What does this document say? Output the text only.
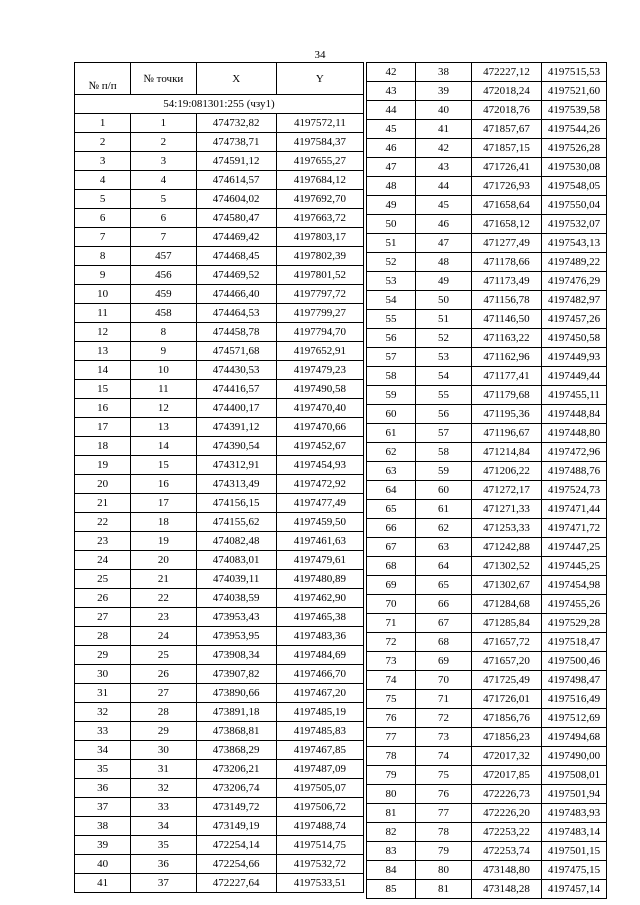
34
№ п/п	№ точки	X	Y
54:19:081301:255 (чзу1)			
1	1	474732,82	4197572,11
2	2	474738,71	4197584,37
3	3	474591,12	4197655,27
4	4	474614,57	4197684,12
5	5	474604,02	4197692,70
6	6	474580,47	4197663,72
7	7	474469,42	4197803,17
8	457	474468,45	4197802,39
9	456	474469,52	4197801,52
10	459	474466,40	4197797,72
11	458	474464,53	4197799,27
12	8	474458,78	4197794,70
13	9	474571,68	4197652,91
14	10	474430,53	4197479,23
15	11	474416,57	4197490,58
16	12	474400,17	4197470,40
17	13	474391,12	4197470,66
18	14	474390,54	4197452,67
19	15	474312,91	4197454,93
20	16	474313,49	4197472,92
21	17	474156,15	4197477,49
22	18	474155,62	4197459,50
23	19	474082,48	4197461,63
24	20	474083,01	4197479,61
25	21	474039,11	4197480,89
26	22	474038,59	4197462,90
27	23	473953,43	4197465,38
28	24	473953,95	4197483,36
29	25	473908,34	4197484,69
30	26	473907,82	4197466,70
31	27	473890,66	4197467,20
32	28	473891,18	4197485,19
33	29	473868,81	4197485,83
34	30	473868,29	4197467,85
35	31	473206,21	4197487,09
36	32	473206,74	4197505,07
37	33	473149,72	4197506,72
38	34	473149,19	4197488,74
39	35	472254,14	4197514,75
40	36	472254,66	4197532,72
41	37	472227,64	4197533,51
42	38	472227,12	4197515,53
43	39	472018,24	4197521,60
44	40	472018,76	4197539,58
45	41	471857,67	4197544,26
46	42	471857,15	4197526,28
47	43	471726,41	4197530,08
48	44	471726,93	4197548,05
49	45	471658,64	4197550,04
50	46	471658,12	4197532,07
51	47	471277,49	4197543,13
52	48	471178,66	4197489,22
53	49	471173,49	4197476,29
54	50	471156,78	4197482,97
55	51	471146,50	4197457,26
56	52	471163,22	4197450,58
57	53	471162,96	4197449,93
58	54	471177,41	4197449,44
59	55	471179,68	4197455,11
60	56	471195,36	4197448,84
61	57	471196,67	4197448,80
62	58	471214,84	4197472,96
63	59	471206,22	4197488,76
64	60	471272,17	4197524,73
65	61	471271,33	4197471,44
66	62	471253,33	4197471,72
67	63	471242,88	4197447,25
68	64	471302,52	4197445,25
69	65	471302,67	4197454,98
70	66	471284,68	4197455,26
71	67	471285,84	4197529,28
72	68	471657,72	4197518,47
73	69	471657,20	4197500,46
74	70	471725,49	4197498,47
75	71	471726,01	4197516,49
76	72	471856,76	4197512,69
77	73	471856,23	4197494,68
78	74	472017,32	4197490,00
79	75	472017,85	4197508,01
80	76	472226,73	4197501,94
81	77	472226,20	4197483,93
82	78	472253,22	4197483,14
83	79	472253,74	4197501,15
84	80	473148,80	4197475,15
85	81	473148,28	4197457,14
